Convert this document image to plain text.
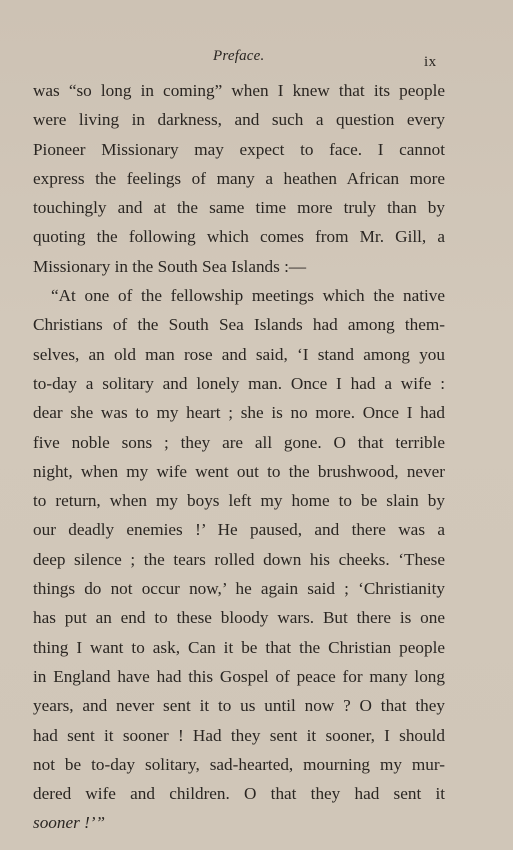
Preface.	ix
was “so long in coming” when I knew that its people
were living in darkness, and such a question every
Pioneer Missionary may expect to face. I cannot
express the feelings of many a heathen African more
touchingly and at the same time more truly than by
quoting the following which comes from Mr. Gill, a
Missionary in the South Sea Islands :—
“At one of the fellowship meetings which the native
Christians of the South Sea Islands had among them-
selves, an old man rose and said, ‘I stand among you
to-day a solitary and lonely man. Once I had a wife :
dear she was to my heart ; she is no more. Once I had
five noble sons ; they are all gone. O that terrible
night, when my wife went out to the brushwood, never
to return, when my boys left my home to be slain by
our deadly enemies !’ He paused, and there was a
deep silence ; the tears rolled down his cheeks. ‘These
things do not occur now,’ he again said ; ‘Christianity
has put an end to these bloody wars. But there is one
thing I want to ask, Can it be that the Christian people
in England have had this Gospel of peace for many long
years, and never sent it to us until now ? O that they
had sent it sooner ! Had they sent it sooner, I should
not be to-day solitary, sad-hearted, mourning my mur-
dered wife and children. O that they had sent it
sooner !’”
